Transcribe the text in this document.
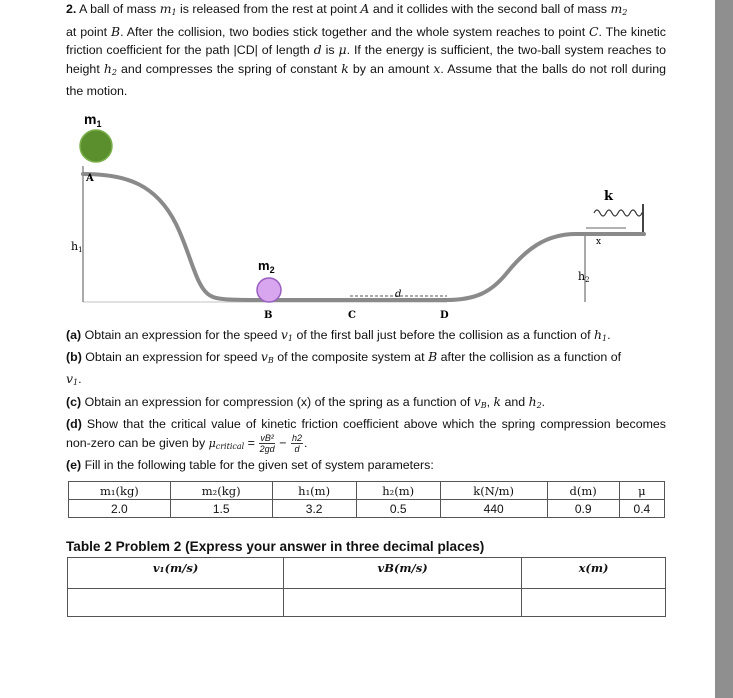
2. A ball of mass $m_1$ is released from the rest at point A and it collides with the second ball of mass $m_2$
at point B. After the collision, two bodies stick together and the whole system reaches to point C. The kinetic friction coefficient for the path |CD| of length d is μ. If the energy is sufficient, the two-ball system reaches to height $h_2$ and compresses the spring of constant k by an amount x. Assume that the balls do not roll during the motion.
x
d
$m_1$
A
h1
$m_2$
B	C	D
h2
k

(a) Obtain an expression for the speed $v_1$ of the first ball just before the collision as a function of $h_1$.

(b) Obtain an expression for speed $v_B$ of the composite system at B after the collision as a function of
$v_1$.

(c) Obtain an expression for compression (x) of the spring as a function of $v_B$, k and $h_2$.

(d) Show that the critical value of kinetic friction coefficient above which the spring compression becomes non-zero can be given by $\mu_{critical} = \frac{\text{vB²}}{2gd} - \frac{h2}{d}$ .

(e) Fill in the following table for the given set of system parameters:

m₁(kg)	m₂(kg)	h₁(m)	h₂(m)	k(N/m)	d(m)	μ
2.0	1.5	3.2	0.5	440	0.9	0.4
Table 2 Problem 2 (Express your answer in three decimal places)
v₁(m/s)	vB(m/s)	x(m)
